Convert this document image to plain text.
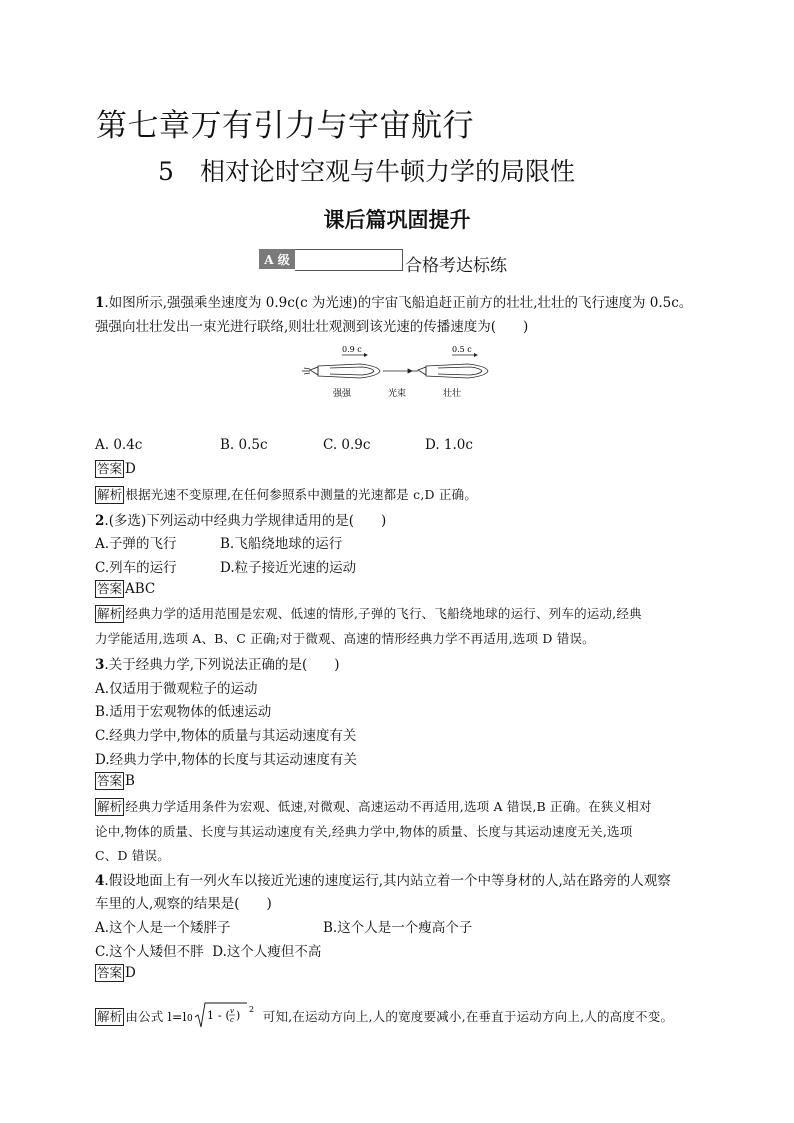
第七章万有引力与宇宙航行
5 相对论时空观与牛顿力学的局限性
课后篇巩固提升
A 级	合格考达标练
1.如图所示,强强乘坐速度为 0.9c(c 为光速)的宇宙飞船追赶正前方的壮壮,壮壮的飞行速度为 0.5c。
强强向壮壮发出一束光进行联络,则壮壮观测到该光速的传播速度为(　　)
0.9 c	0.5 c
强强	光束	壮壮
A. 0.4c	B. 0.5c	C. 0.9c	D. 1.0c
答案 D
解析 根据光速不变原理,在任何参照系中测量的光速都是 c,D 正确。
2.(多选)下列运动中经典力学规律适用的是(　　)
A.子弹的飞行	B.飞船绕地球的运行
C.列车的运行	D.粒子接近光速的运动
答案 ABC
解析 经典力学的适用范围是宏观、低速的情形,子弹的飞行、飞船绕地球的运行、列车的运动,经典
力学能适用,选项 A、B、C 正确;对于微观、高速的情形经典力学不再适用,选项 D 错误。
3.关于经典力学,下列说法正确的是(　　)
A.仅适用于微观粒子的运动
B.适用于宏观物体的低速运动
C.经典力学中,物体的质量与其运动速度有关
D.经典力学中,物体的长度与其运动速度有关
答案 B
解析 经典力学适用条件为宏观、低速,对微观、高速运动不再适用,选项 A 错误,B 正确。在狭义相对
论中,物体的质量、长度与其运动速度有关,经典力学中,物体的质量、长度与其运动速度无关,选项
C、D 错误。
4.假设地面上有一列火车以接近光速的速度运行,其内站立着一个中等身材的人,站在路旁的人观察
车里的人,观察的结果是(　　)
A.这个人是一个矮胖子	B.这个人是一个瘦高个子
C.这个人矮但不胖 D.这个人瘦但不高
答案 D
解析 由公式 l=l 0 1 - ( v
c ) 2 可知,在运动方向上,人的宽度要减小,在垂直于运动方向上,人的高度不变。
